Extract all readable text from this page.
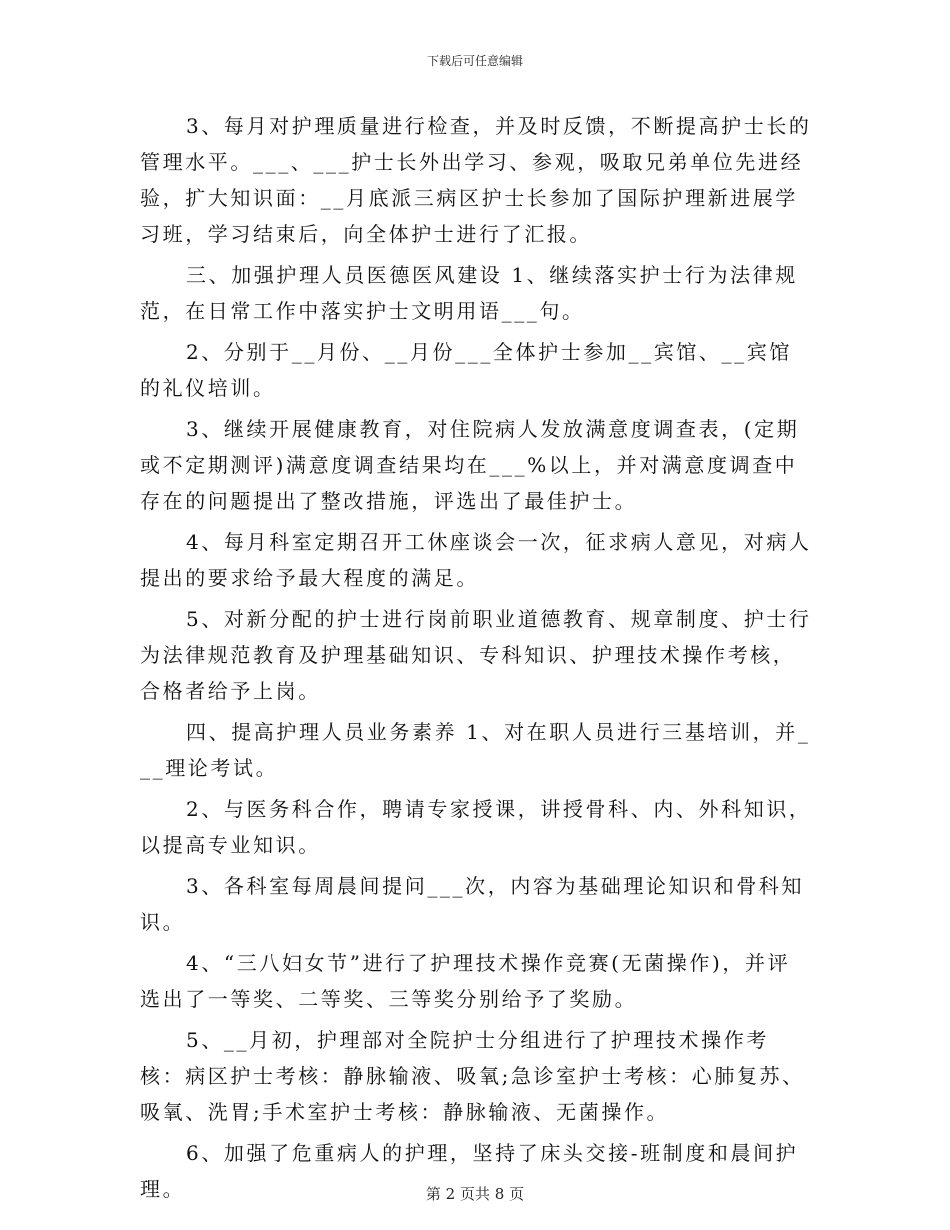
下载后可任意编辑

3、每月对护理质量进行检查，并及时反馈，不断提高护士长的管理水平。___、___护士长外出学习、参观，吸取兄弟单位先进经验，扩大知识面：__月底派三病区护士长参加了国际护理新进展学习班，学习结束后，向全体护士进行了汇报。

三、加强护理人员医德医风建设 1、继续落实护士行为法律规范，在日常工作中落实护士文明用语___句。

2、分别于__月份、__月份___全体护士参加__宾馆、__宾馆的礼仪培训。

3、继续开展健康教育，对住院病人发放满意度调查表，(定期或不定期测评)满意度调查结果均在___%以上，并对满意度调查中存在的问题提出了整改措施，评选出了最佳护士。

4、每月科室定期召开工休座谈会一次，征求病人意见，对病人提出的要求给予最大程度的满足。

5、对新分配的护士进行岗前职业道德教育、规章制度、护士行为法律规范教育及护理基础知识、专科知识、护理技术操作考核，合格者给予上岗。

四、提高护理人员业务素养 1、对在职人员进行三基培训，并___理论考试。

2、与医务科合作，聘请专家授课，讲授骨科、内、外科知识，以提高专业知识。

3、各科室每周晨间提问___次，内容为基础理论知识和骨科知识。

4、“三八妇女节”进行了护理技术操作竞赛(无菌操作)，并评选出了一等奖、二等奖、三等奖分别给予了奖励。

5、__月初，护理部对全院护士分组进行了护理技术操作考核：病区护士考核：静脉输液、吸氧;急诊室护士考核：心肺复苏、吸氧、洗胃;手术室护士考核：静脉输液、无菌操作。

6、加强了危重病人的护理，坚持了床头交接-班制度和晨间护理。	第 2 页共 8 页
